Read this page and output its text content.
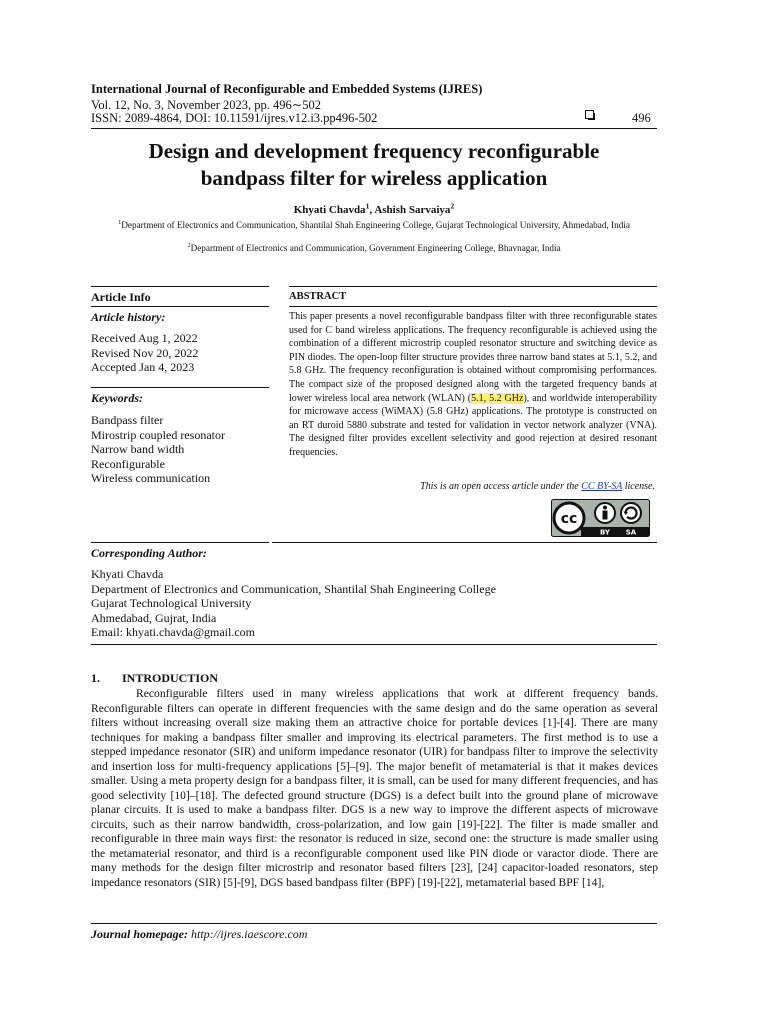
International Journal of Reconfigurable and Embedded Systems (IJRES)
Vol. 12, No. 3, November 2023, pp. 496∼502
ISSN: 2089-4864, DOI: 10.11591/ijres.v12.i3.pp496-502	496
Design and development frequency reconfigurable
bandpass filter for wireless application
Khyati Chavda$^1$, Ashish Sarvaiya$^2$
$^1$Department of Electronics and Communication, Shantilal Shah Engineering College, Gujarat Technological University, Ahmedabad, India
$^2$Department of Electronics and Communication, Government Engineering College, Bhavnagar, India
Article Info
Article history:
Received Aug 1, 2022
Revised Nov 20, 2022
Accepted Jan 4, 2023
Keywords:
Bandpass filter
Mirostrip coupled resonator
Narrow band width
Reconfigurable
Wireless communication
ABSTRACT
This paper presents a novel reconfigurable bandpass filter with three reconfigurable states used for C band wireless applications. The frequency reconfigurable is achieved using the combination of a different microstrip coupled resonator structure and switching device as PIN diodes. The open-loop filter structure provides three narrow band states at 5.1, 5.2, and 5.8 GHz. The frequency reconfiguration is obtained without compromising performances. The compact size of the proposed designed along with the targeted frequency bands at lower wireless local area network (WLAN) (5.1, 5.2 GHz), and worldwide interoperability for microwave access (WiMAX) (5.8 GHz) applications. The prototype is constructed on an RT duroid 5880 substrate and tested for validation in vector network analyzer (VNA). The designed filter provides excellent selectivity and good rejection at desired resonant frequencies.
This is an open access article under the CC BY-SA license.
cc
BY SA
Corresponding Author:
Khyati Chavda
Department of Electronics and Communication, Shantilal Shah Engineering College
Gujarat Technological University
Ahmedabad, Gujrat, India
Email: khyati.chavda@gmail.com
1. INTRODUCTION
Reconfigurable filters used in many wireless applications that work at different frequency bands. Reconfigurable filters can operate in different frequencies with the same design and do the same operation as several filters without increasing overall size making them an attractive choice for portable devices [1]-[4]. There are many techniques for making a bandpass filter smaller and improving its electrical parameters. The first method is to use a stepped impedance resonator (SIR) and uniform impedance resonator (UIR) for bandpass filter to improve the selectivity and insertion loss for multi-frequency applications [5]–[9]. The major benefit of metamaterial is that it makes devices smaller. Using a meta property design for a bandpass filter, it is small, can be used for many different frequencies, and has good selectivity [10]–[18]. The defected ground structure (DGS) is a defect built into the ground plane of microwave planar circuits. It is used to make a bandpass filter. DGS is a new way to improve the different aspects of microwave circuits, such as their narrow bandwidth, cross-polarization, and low gain [19]-[22]. The filter is made smaller and reconfigurable in three main ways first: the resonator is reduced in size, second one: the structure is made smaller using the metamaterial resonator, and third is a reconfigurable component used like PIN diode or varactor diode. There are many methods for the design filter microstrip and resonator based filters [23], [24] capacitor-loaded resonators, step impedance resonators (SIR) [5]-[9], DGS based bandpass filter (BPF) [19]-[22], metamaterial based BPF [14],
Journal homepage: http://ijres.iaescore.com
